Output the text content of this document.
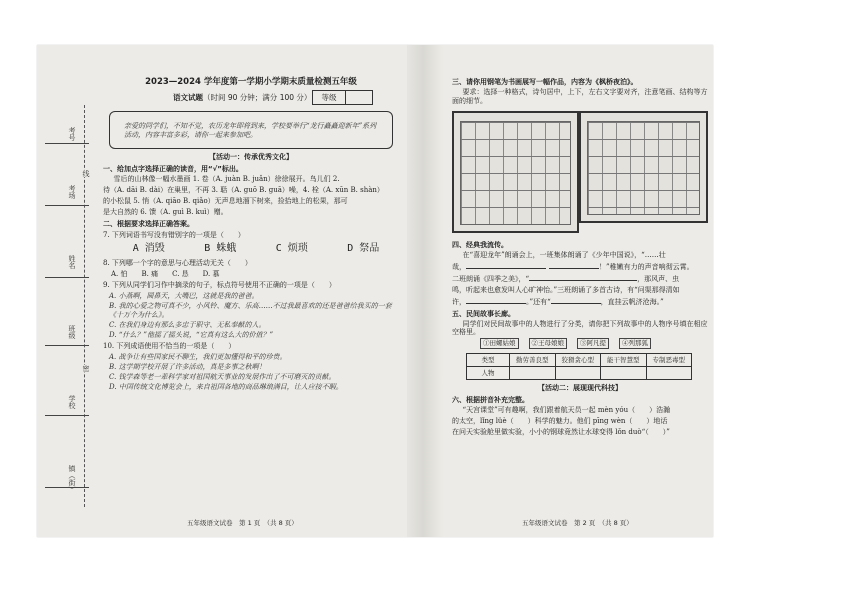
考号
考场
姓名
班级
学校
镇（街）
线
密
2023—2024 学年度第一学期小学期末质量检测五年级
语文试题（时间 90 分钟；满分 100 分）	等级
亲爱的同学们，不知不觉，农历龙年即将到来，学校要举行“龙行矗矗迎新年”系列活动，内容丰富多彩，请你一起来参加吧。
【活动一：传承优秀文化】
一、给加点字选择正确的读音，用“√”标出。
雪后的山林像一幅水墨画 1. 卷（A. juàn B. juǎn）徐徐展开。鸟儿们 2.
待（A. dāi B. dài）在巢里，不再 3. 聒（A. guō B. guā）噪，4. 栓（A. xūn B. shàn）
的小松鼠 5. 悄（A. qiāo B. qiǎo）无声息地溜下树来，捡拾地上的松果，那可
是大自然的 6. 馈（A. guì B. kuì）赠。
二、根据要求选择正确答案。
7. 下列词语书写没有错别字的一项是（　　）
A 消毁	B 蛛蛾	C 烦琐	D 祭品
8. 下列哪一个字的意思与心理活动无关（　　）
A. 怕　　B. 痛　　C. 恳　　D. 慕
9. 下列从同学们习作中摘录的句子，标点符号使用不正确的一项是（　　）
A. 小燕啊，圆鼻天，大嘴巴，这就是我的爸爸。
B. 我的心爱之物可真不少，小风铃、魔方、乐高……不过我最喜欢的还是爸爸给我买的一套《十万个为什么》。
C. 在我们身边有那么多忠于职守、无私奉献的人。
D. “什么？”他摇了摇头说，“它真有这么大的价值？”
10. 下列成语使用不恰当的一项是（　　）
A. 战争让有些国家民不聊生，我们更加懂得和平的珍贵。
B. 这学期学校开展了许多活动，真是多事之秋啊！
C. 钱学森等老一辈科学家对祖国航天事业的发展作出了不可磨灭的贡献。
D. 中国传统文化博览会上，来自祖国各地的商品琳琅满目，让人应接不暇。
五年级语文试卷　第 1 页　（共 8 页）
三、请你用钢笔为书画展写一幅作品，内容为《枫桥夜泊》。
要求：选择一种格式，诗句居中，上下，左右文字要对齐，注意笔画、结构等方面的细节。
四、经典我流传。
在“喜迎龙年”朗诵会上，一班集体朗诵了《少年中国说》，“……壮
哉，	！”稚嫩有力的声音响彻云霄。
二班朗诵《四季之美》，“	，那风声、虫
鸣，听起来也愈发叫人心旷神怡。”三班朗诵了多首古诗，有“问渠那得清如
许，	。”还有“	，直挂云帆济沧海。”
五、民间故事长廊。
同学们对民间故事中的人物进行了分类，请你把下列故事中的人物序号填在相应空格里。
①田螺姑娘	②王母娘娘	③阿凡提	④列那狐
类型	勤劳善良型	狡猾贪心型	能干智慧型	专制恶毒型
人物				
【活动二：展现现代科技】
六、根据拼音补充完整。
“天宫课堂”可有趣啊，我们跟着航天员一起 mèn yóu（　　）浩瀚
的太空，lǐng lüè（　　）科学的魅力。他们 pīng wèn（　　）地话
在问天实验舱里做实验，小小的钢球竟然让水球变得 lǒn duò“（　　）”
五年级语文试卷　第 2 页　（共 8 页）
